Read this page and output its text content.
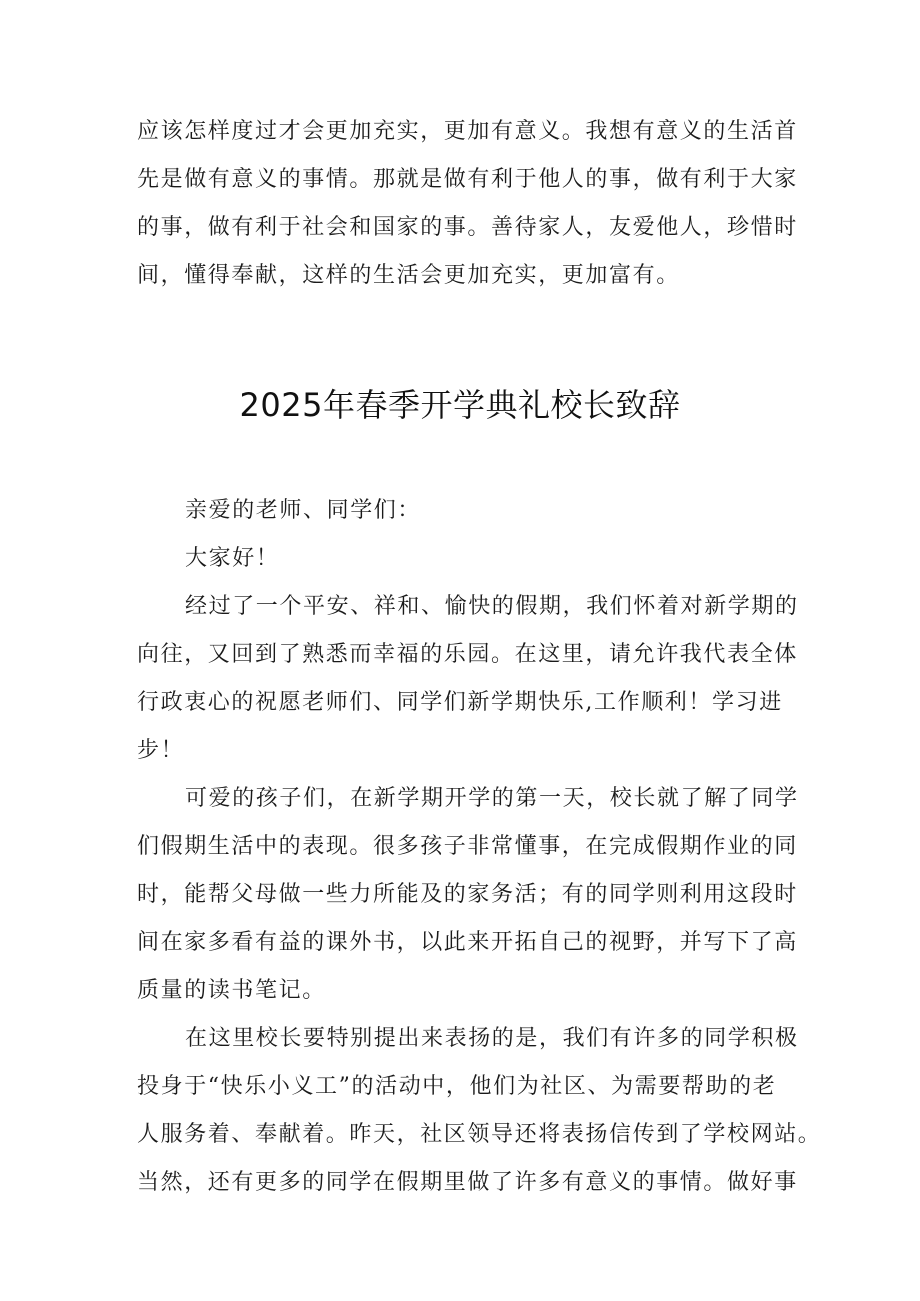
应该怎样度过才会更加充实，更加有意义。我想有意义的生活首
先是做有意义的事情。那就是做有利于他人的事，做有利于大家
的事，做有利于社会和国家的事。善待家人，友爱他人，珍惜时
间，懂得奉献，这样的生活会更加充实，更加富有。
2025年春季开学典礼校长致辞
亲爱的老师、同学们：
大家好！
经过了一个平安、祥和、愉快的假期，我们怀着对新学期的
向往，又回到了熟悉而幸福的乐园。在这里，请允许我代表全体
行政衷心的祝愿老师们、同学们新学期快乐,工作顺利！学习进
步！
可爱的孩子们，在新学期开学的第一天，校长就了解了同学
们假期生活中的表现。很多孩子非常懂事，在完成假期作业的同
时，能帮父母做一些力所能及的家务活；有的同学则利用这段时
间在家多看有益的课外书，以此来开拓自己的视野，并写下了高
质量的读书笔记。
在这里校长要特别提出来表扬的是，我们有许多的同学积极
投身于“快乐小义工”的活动中，他们为社区、为需要帮助的老
人服务着、奉献着。昨天，社区领导还将表扬信传到了学校网站。
当然，还有更多的同学在假期里做了许多有意义的事情。做好事
